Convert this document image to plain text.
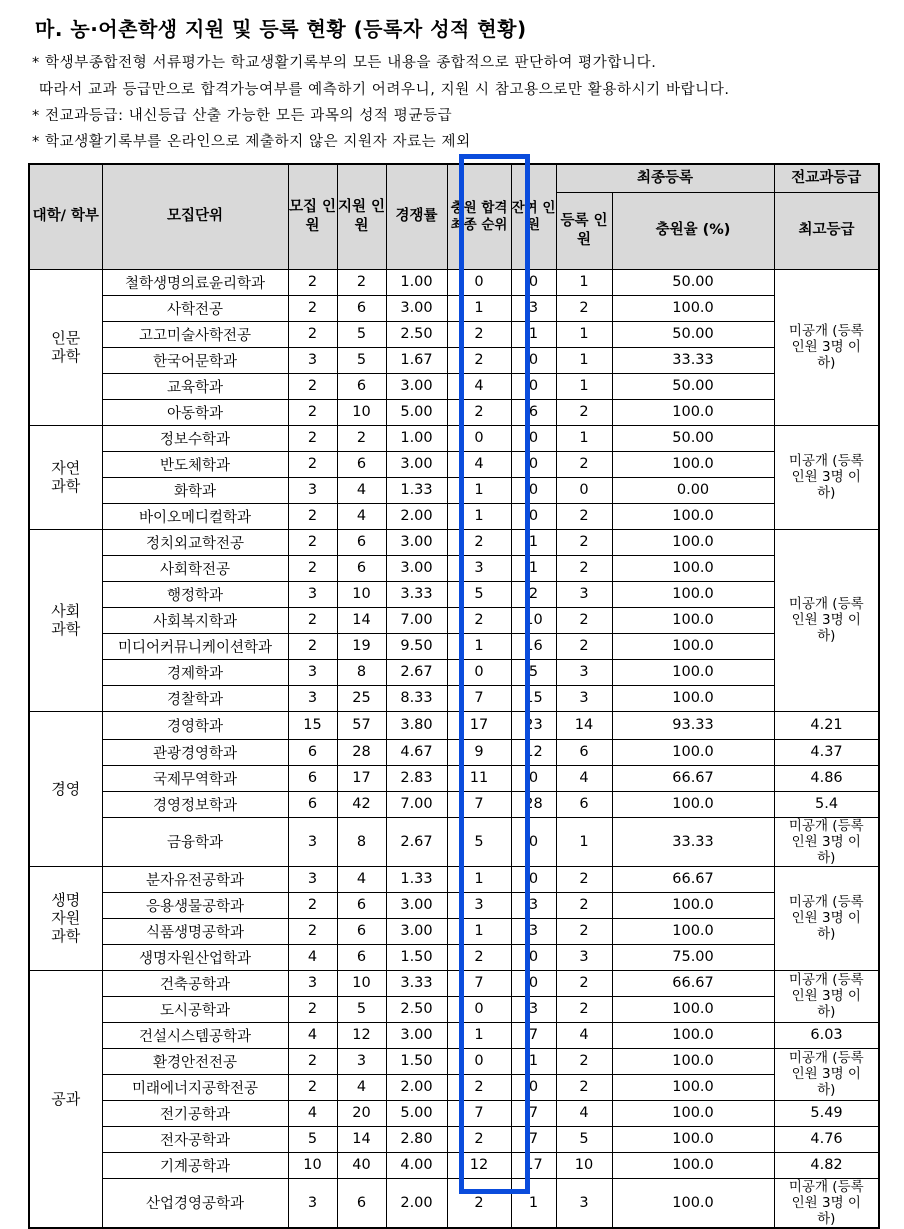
마. 농·어촌학생 지원 및 등록 현황 (등록자 성적 현황)
* 학생부종합전형 서류평가는 학교생활기록부의 모든 내용을 종합적으로 판단하여 평가합니다.
따라서 교과 등급만으로 합격가능여부를 예측하기 어려우니, 지원 시 참고용으로만 활용하시기 바랍니다.
* 전교과등급: 내신등급 산출 가능한 모든 과목의 성적 평균등급
* 학교생활기록부를 온라인으로 제출하지 않은 지원자 자료는 제외
대학/ 학부	모집단위	모집 인원	지원 인원	경쟁률	충원 합격 최종 순위	잔여 인원	최종등록		전교과등급	
							등록 인원	충원율 (%)	최고등급	
인문 과학	철학생명의료윤리학과	2	2	1.00	0	0	1	50.00	미공개 (등록인원 3명 이하)	
	사학전공	2	6	3.00	1	3	2	100.0		
	고고미술사학전공	2	5	2.50	2	1	1	50.00		
	한국어문학과	3	5	1.67	2	0	1	33.33		
	교육학과	2	6	3.00	4	0	1	50.00		
	아동학과	2	10	5.00	2	6	2	100.0		
자연 과학	정보수학과	2	2	1.00	0	0	1	50.00	미공개 (등록인원 3명 이하)	
	반도체학과	2	6	3.00	4	0	2	100.0		
	화학과	3	4	1.33	1	0	0	0.00		
	바이오메디컬학과	2	4	2.00	1	0	2	100.0		
사회 과학	정치외교학전공	2	6	3.00	2	1	2	100.0	미공개 (등록인원 3명 이하)	
	사회학전공	2	6	3.00	3	1	2	100.0		
	행정학과	3	10	3.33	5	2	3	100.0		
	사회복지학과	2	14	7.00	2	10	2	100.0		
	미디어커뮤니케이션학과	2	19	9.50	1	16	2	100.0		
	경제학과	3	8	2.67	0	5	3	100.0		
	경찰학과	3	25	8.33	7	15	3	100.0		
경영	경영학과	15	57	3.80	17	23	14	93.33	4.21	
	관광경영학과	6	28	4.67	9	12	6	100.0	4.37	
	국제무역학과	6	17	2.83	11	0	4	66.67	4.86	
	경영정보학과	6	42	7.00	7	28	6	100.0	5.4	
	금융학과	3	8	2.67	5	0	1	33.33	미공개 (등록인원 3명 이하)	
생명 자원 과학	분자유전공학과	3	4	1.33	1	0	2	66.67	미공개 (등록인원 3명 이하)	
	응용생물공학과	2	6	3.00	3	3	2	100.0		
	식품생명공학과	2	6	3.00	1	3	2	100.0		
	생명자원산업학과	4	6	1.50	2	0	3	75.00		
공과	건축공학과	3	10	3.33	7	0	2	66.67	미공개 (등록인원 3명 이하)	
	도시공학과	2	5	2.50	0	3	2	100.0		
	건설시스템공학과	4	12	3.00	1	7	4	100.0	6.03	
	환경안전전공	2	3	1.50	0	1	2	100.0	미공개 (등록인원 3명 이하)	
	미래에너지공학전공	2	4	2.00	2	0	2	100.0		
	전기공학과	4	20	5.00	7	7	4	100.0	5.49	
	전자공학과	5	14	2.80	2	7	5	100.0	4.76	
	기계공학과	10	40	4.00	12	17	10	100.0	4.82	
	산업경영공학과	3	6	2.00	2	1	3	100.0	미공개 (등록인원 3명 이하)	
